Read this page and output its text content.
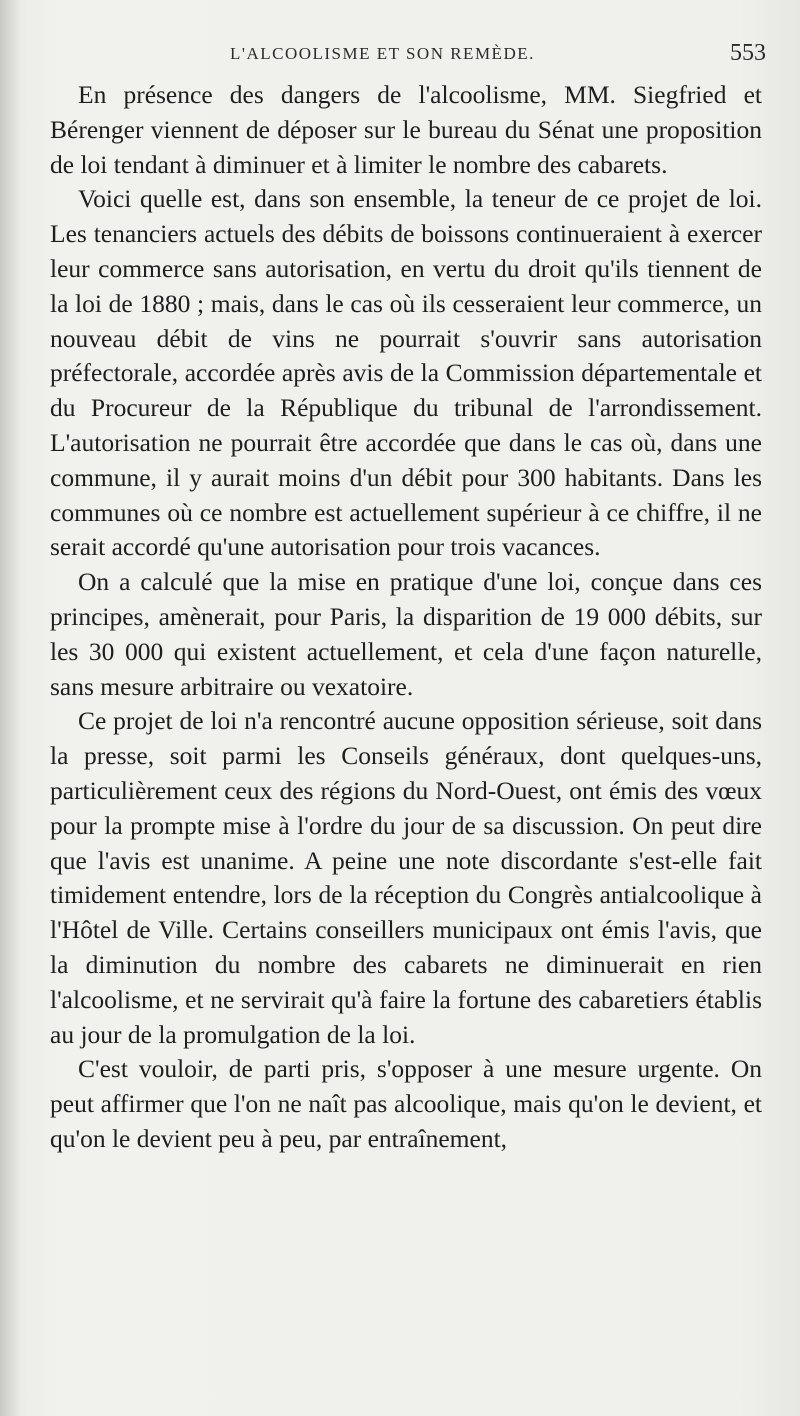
L'ALCOOLISME ET SON REMÈDE.	553

En présence des dangers de l'alcoolisme, MM. Siegfried et Bérenger viennent de déposer sur le bureau du Sénat une proposition de loi tendant à diminuer et à limiter le nombre des cabarets.

Voici quelle est, dans son ensemble, la teneur de ce projet de loi. Les tenanciers actuels des débits de boissons continueraient à exercer leur commerce sans autorisation, en vertu du droit qu'ils tiennent de la loi de 1880 ; mais, dans le cas où ils cesseraient leur commerce, un nouveau débit de vins ne pourrait s'ouvrir sans autorisation préfectorale, accordée après avis de la Commission départementale et du Procureur de la République du tribunal de l'arrondissement. L'autorisation ne pourrait être accordée que dans le cas où, dans une commune, il y aurait moins d'un débit pour 300 habitants. Dans les communes où ce nombre est actuellement supérieur à ce chiffre, il ne serait accordé qu'une autorisation pour trois vacances.

On a calculé que la mise en pratique d'une loi, conçue dans ces principes, amènerait, pour Paris, la disparition de 19 000 débits, sur les 30 000 qui existent actuellement, et cela d'une façon naturelle, sans mesure arbitraire ou vexatoire.

Ce projet de loi n'a rencontré aucune opposition sérieuse, soit dans la presse, soit parmi les Conseils généraux, dont quelques-uns, particulièrement ceux des régions du Nord-Ouest, ont émis des vœux pour la prompte mise à l'ordre du jour de sa discussion. On peut dire que l'avis est unanime. A peine une note discordante s'est-elle fait timidement entendre, lors de la réception du Congrès antialcoolique à l'Hôtel de Ville. Certains conseillers municipaux ont émis l'avis, que la diminution du nombre des cabarets ne diminuerait en rien l'alcoolisme, et ne servirait qu'à faire la fortune des cabaretiers établis au jour de la promulgation de la loi.

C'est vouloir, de parti pris, s'opposer à une mesure urgente. On peut affirmer que l'on ne naît pas alcoolique, mais qu'on le devient, et qu'on le devient peu à peu, par entraînement,
